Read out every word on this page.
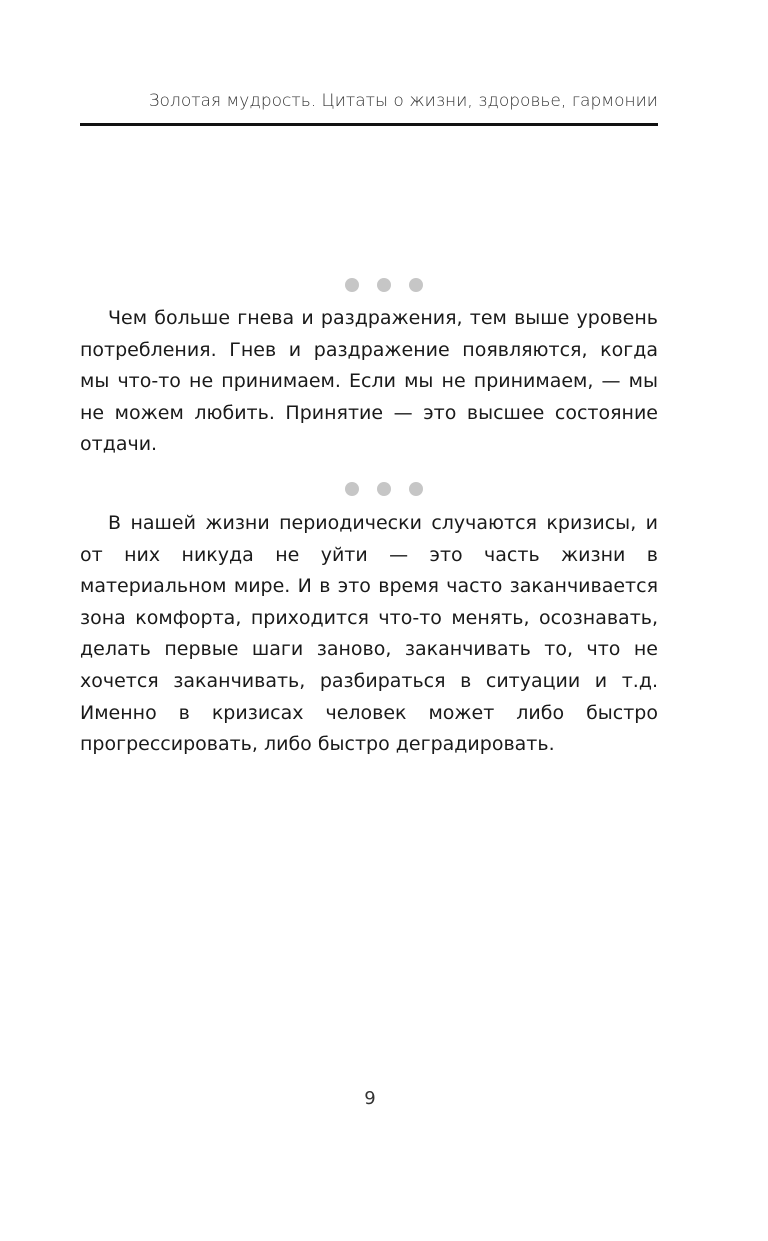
Золотая мудрость. Цитаты о жизни, здоровье, гармонии
Чем больше гнева и раздражения, тем выше уровень потребления. Гнев и раздражение появляются, когда мы что-то не принимаем. Если мы не принимаем, — мы не можем любить. Принятие — это высшее состояние отдачи.
В нашей жизни периодически случаются кризисы, и от них никуда не уйти — это часть жизни в материальном мире. И в это время часто заканчивается зона комфорта, приходится что-то менять, осознавать, делать первые шаги заново, заканчивать то, что не хочется заканчивать, разбираться в ситуации и т.д. Именно в кризисах человек может либо быстро прогрессировать, либо быстро деградировать.
9
